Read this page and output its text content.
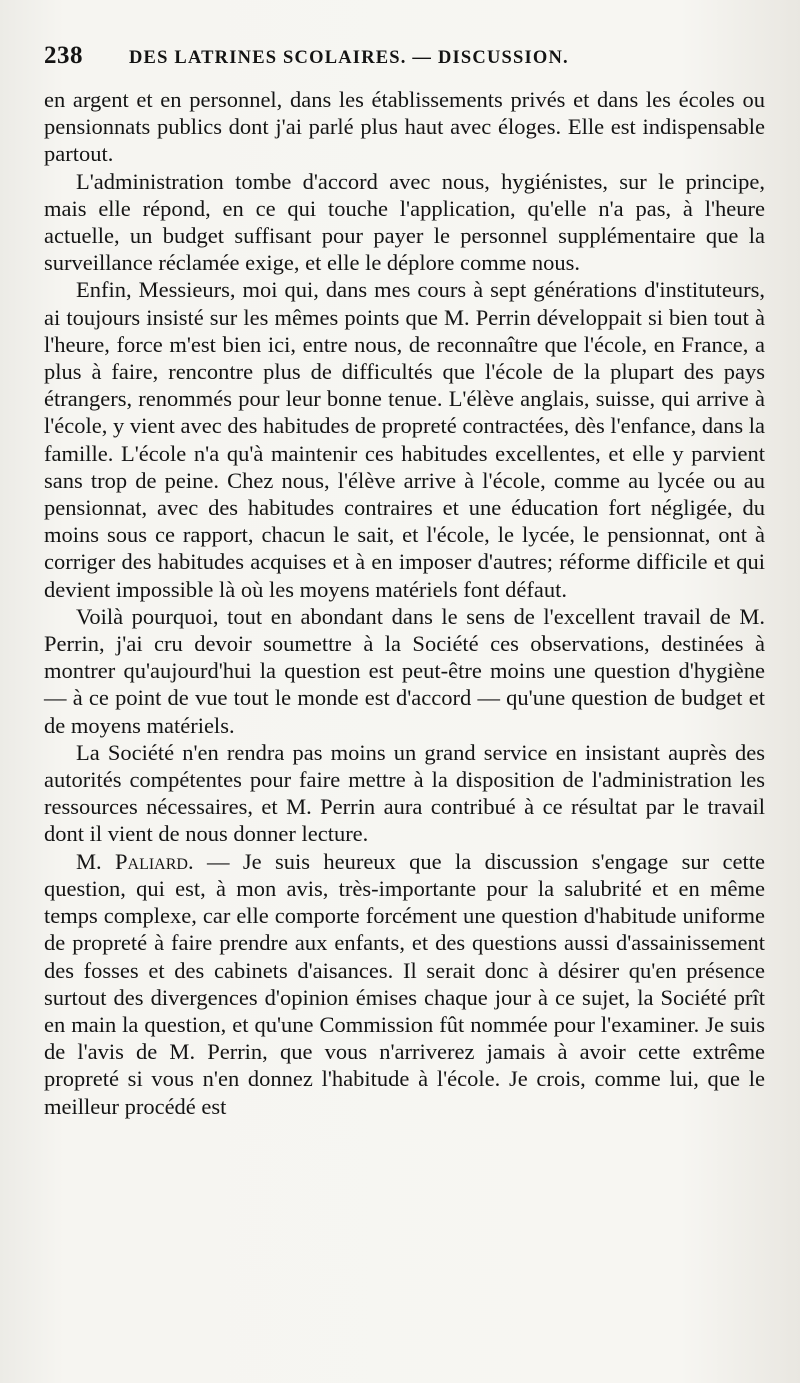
238 DES LATRINES SCOLAIRES. — DISCUSSION.

en argent et en personnel, dans les établissements privés et dans les écoles ou pensionnats publics dont j'ai parlé plus haut avec éloges. Elle est indispensable partout.

L'administration tombe d'accord avec nous, hygiénistes, sur le principe, mais elle répond, en ce qui touche l'application, qu'elle n'a pas, à l'heure actuelle, un budget suffisant pour payer le personnel supplémentaire que la surveillance réclamée exige, et elle le déplore comme nous.

Enfin, Messieurs, moi qui, dans mes cours à sept générations d'instituteurs, ai toujours insisté sur les mêmes points que M. Perrin développait si bien tout à l'heure, force m'est bien ici, entre nous, de reconnaître que l'école, en France, a plus à faire, rencontre plus de difficultés que l'école de la plupart des pays étrangers, renommés pour leur bonne tenue. L'élève anglais, suisse, qui arrive à l'école, y vient avec des habitudes de propreté contractées, dès l'enfance, dans la famille. L'école n'a qu'à maintenir ces habitudes excellentes, et elle y parvient sans trop de peine. Chez nous, l'élève arrive à l'école, comme au lycée ou au pensionnat, avec des habitudes contraires et une éducation fort négligée, du moins sous ce rapport, chacun le sait, et l'école, le lycée, le pensionnat, ont à corriger des habitudes acquises et à en imposer d'autres; réforme difficile et qui devient impossible là où les moyens matériels font défaut.

Voilà pourquoi, tout en abondant dans le sens de l'excellent travail de M. Perrin, j'ai cru devoir soumettre à la Société ces observations, destinées à montrer qu'aujourd'hui la question est peut-être moins une question d'hygiène — à ce point de vue tout le monde est d'accord — qu'une question de budget et de moyens matériels.

La Société n'en rendra pas moins un grand service en insistant auprès des autorités compétentes pour faire mettre à la disposition de l'administration les ressources nécessaires, et M. Perrin aura contribué à ce résultat par le travail dont il vient de nous donner lecture.

M. Paliard. — Je suis heureux que la discussion s'engage sur cette question, qui est, à mon avis, très-importante pour la salubrité et en même temps complexe, car elle comporte forcément une question d'habitude uniforme de propreté à faire prendre aux enfants, et des questions aussi d'assainissement des fosses et des cabinets d'aisances. Il serait donc à désirer qu'en présence surtout des divergences d'opinion émises chaque jour à ce sujet, la Société prît en main la question, et qu'une Commission fût nommée pour l'examiner. Je suis de l'avis de M. Perrin, que vous n'arriverez jamais à avoir cette extrême propreté si vous n'en donnez l'habitude à l'école. Je crois, comme lui, que le meilleur procédé est
